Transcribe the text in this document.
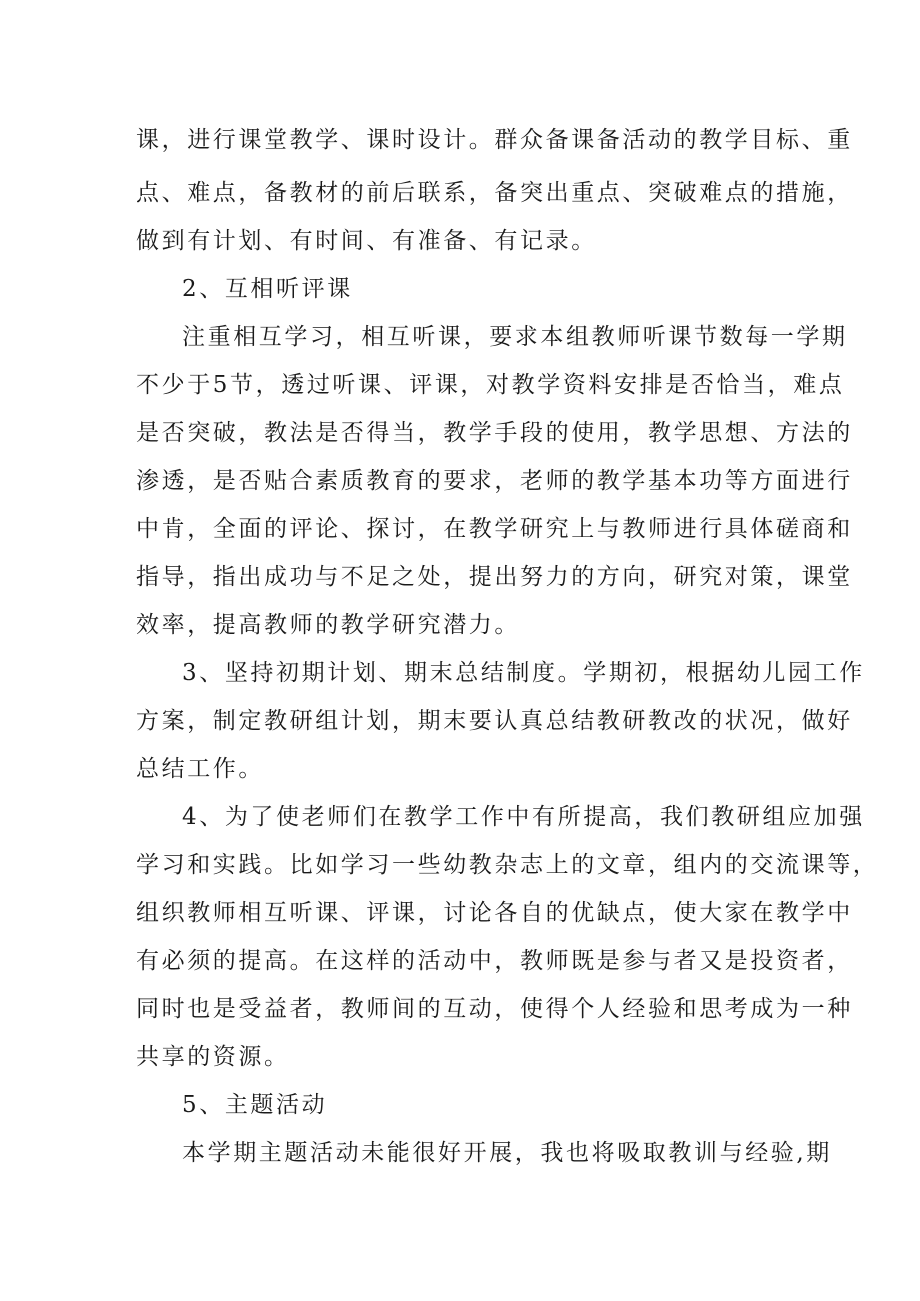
课，进行课堂教学、课时设计。群众备课备活动的教学目标、重
点、难点，备教材的前后联系，备突出重点、突破难点的措施，
做到有计划、有时间、有准备、有记录。
2、互相听评课
注重相互学习，相互听课，要求本组教师听课节数每一学期
不少于5节，透过听课、评课，对教学资料安排是否恰当，难点
是否突破，教法是否得当，教学手段的使用，教学思想、方法的
渗透，是否贴合素质教育的要求，老师的教学基本功等方面进行
中肯，全面的评论、探讨，在教学研究上与教师进行具体磋商和
指导，指出成功与不足之处，提出努力的方向，研究对策，课堂
效率，提高教师的教学研究潜力。
3、坚持初期计划、期末总结制度。学期初，根据幼儿园工作
方案，制定教研组计划，期末要认真总结教研教改的状况，做好
总结工作。
4、为了使老师们在教学工作中有所提高，我们教研组应加强
学习和实践。比如学习一些幼教杂志上的文章，组内的交流课等，
组织教师相互听课、评课，讨论各自的优缺点，使大家在教学中
有必须的提高。在这样的活动中，教师既是参与者又是投资者，
同时也是受益者，教师间的互动，使得个人经验和思考成为一种
共享的资源。
5、主题活动
本学期主题活动未能很好开展，我也将吸取教训与经验,期
